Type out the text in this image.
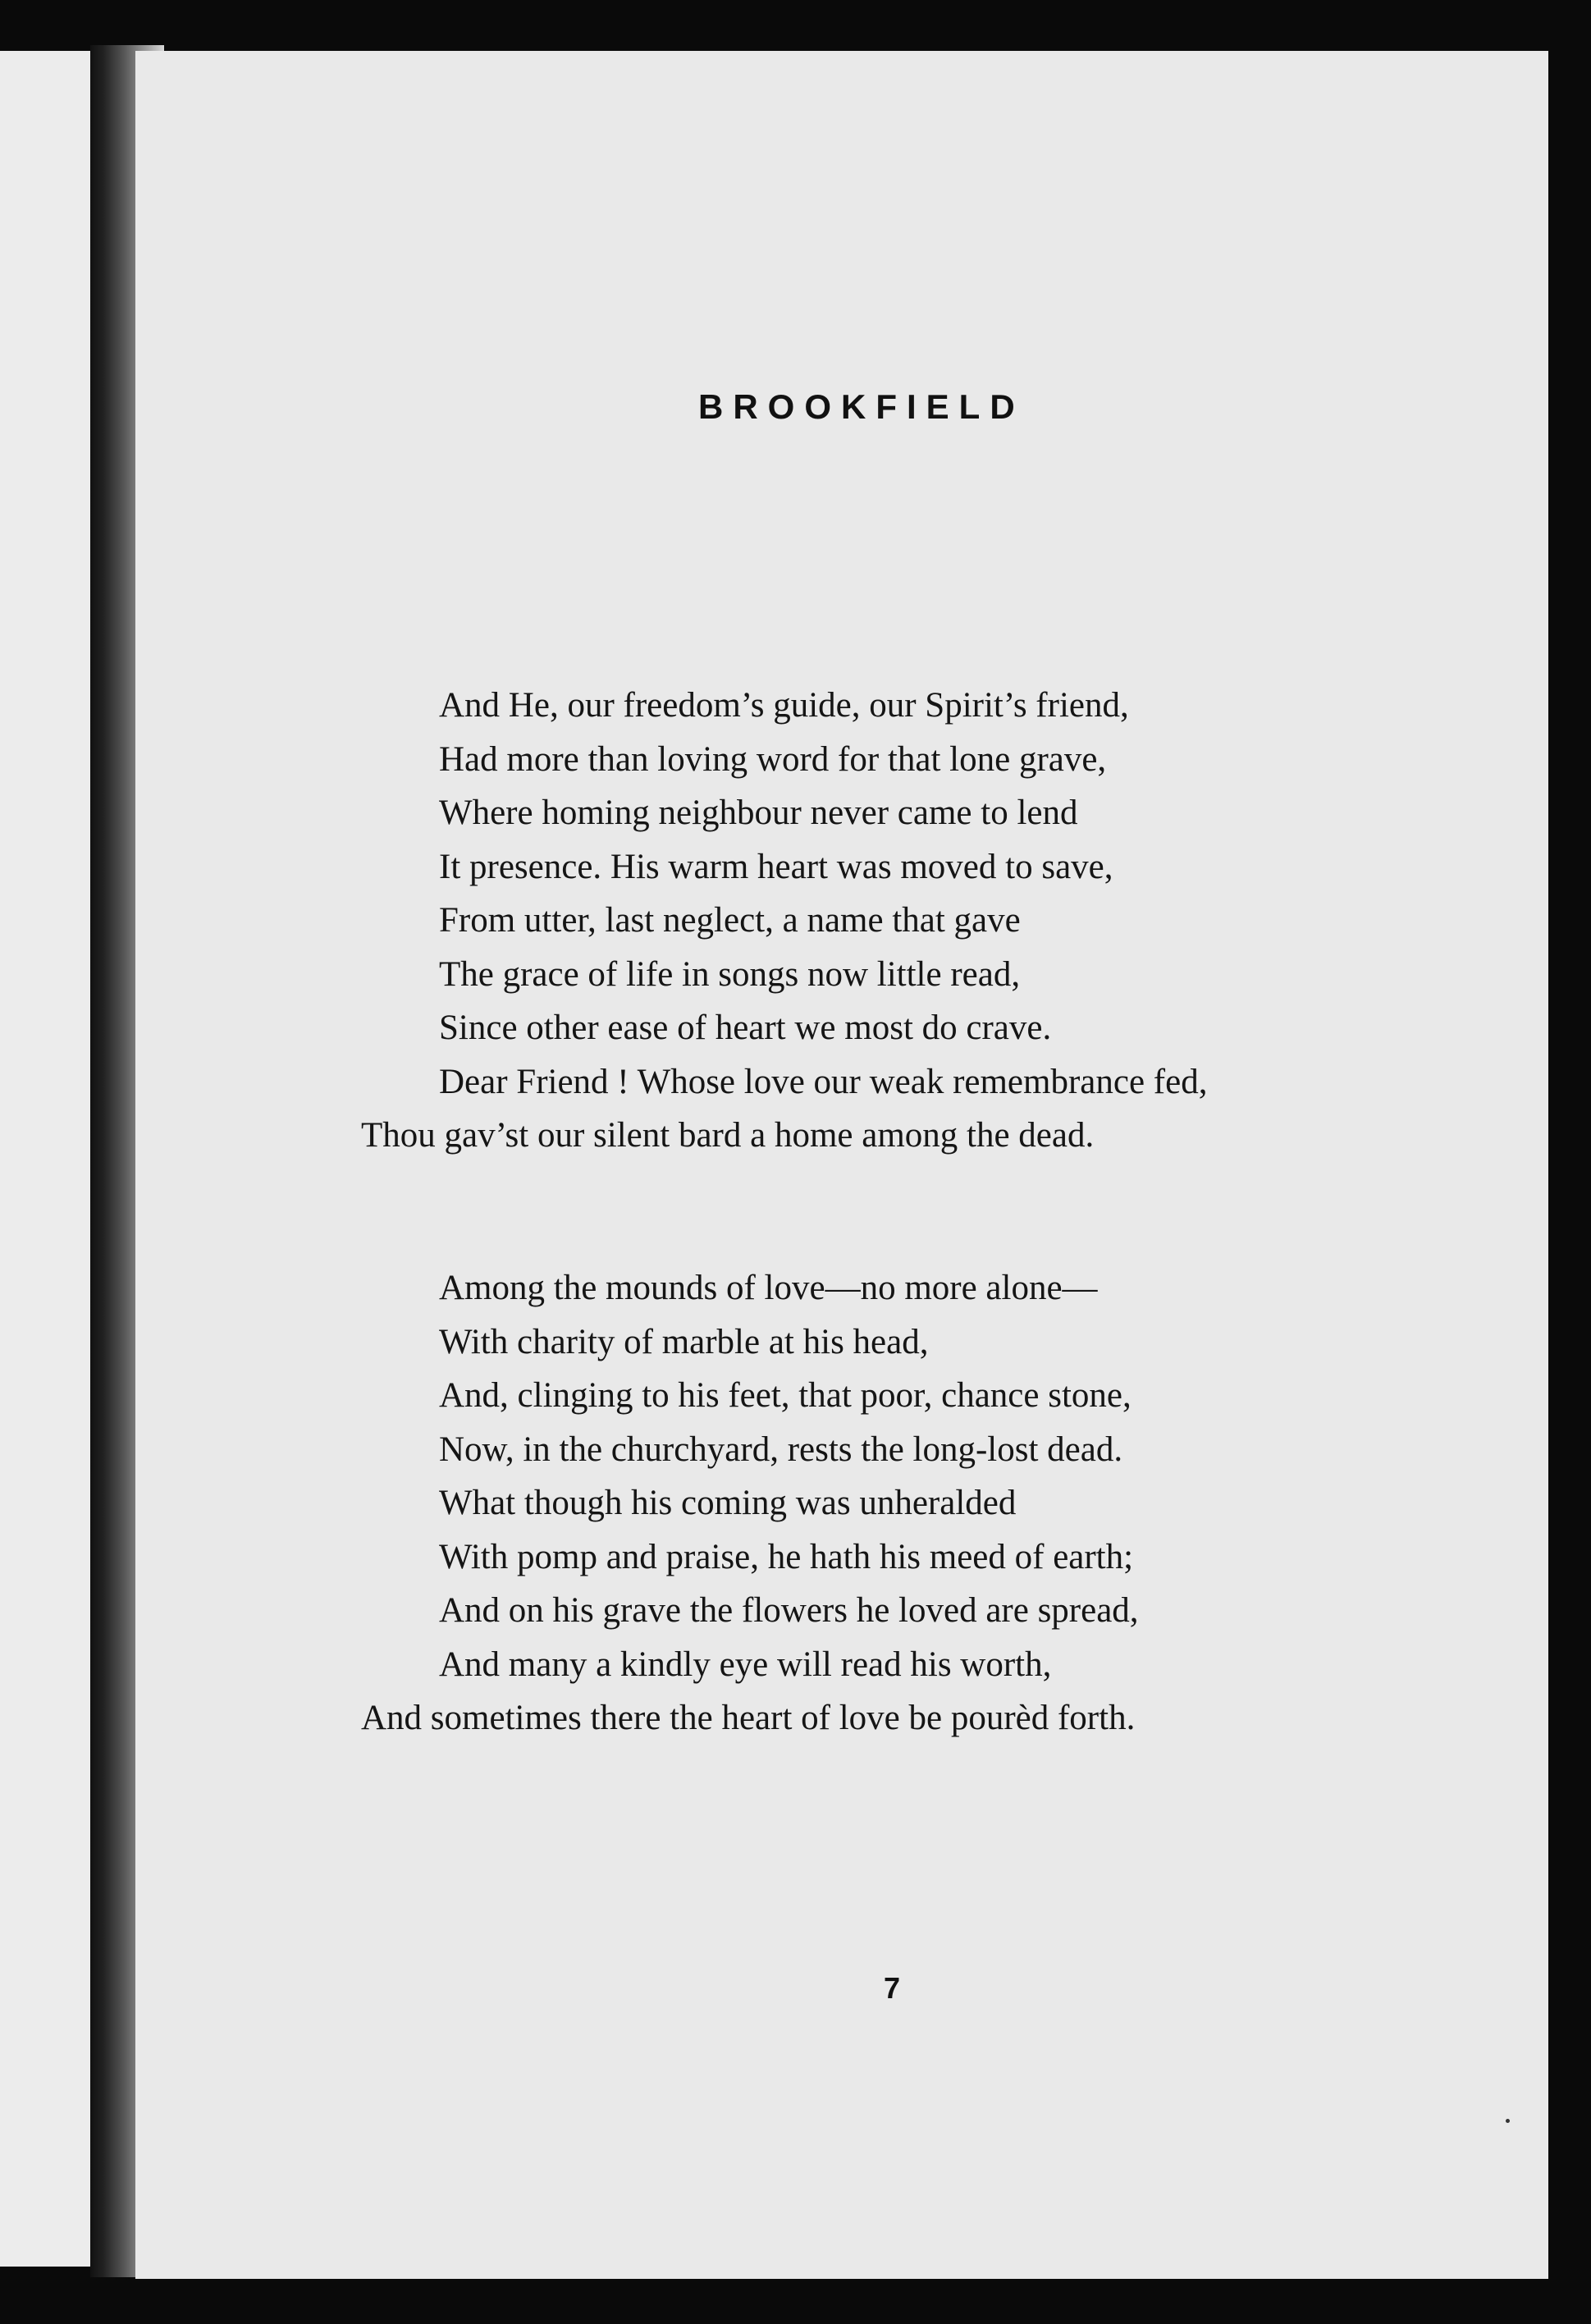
BROOKFIELD
And He, our freedom’s guide, our Spirit’s friend,
Had more than loving word for that lone grave,
Where homing neighbour never came to lend
It presence. His warm heart was moved to save,
From utter, last neglect, a name that gave
The grace of life in songs now little read,
Since other ease of heart we most do crave.
Dear Friend ! Whose love our weak remembrance fed,
Thou gav’st our silent bard a home among the dead.
Among the mounds of love—no more alone—
With charity of marble at his head,
And, clinging to his feet, that poor, chance stone,
Now, in the churchyard, rests the long-lost dead.
What though his coming was unheralded
With pomp and praise, he hath his meed of earth;
And on his grave the flowers he loved are spread,
And many a kindly eye will read his worth,
And sometimes there the heart of love be pourèd forth.
7
